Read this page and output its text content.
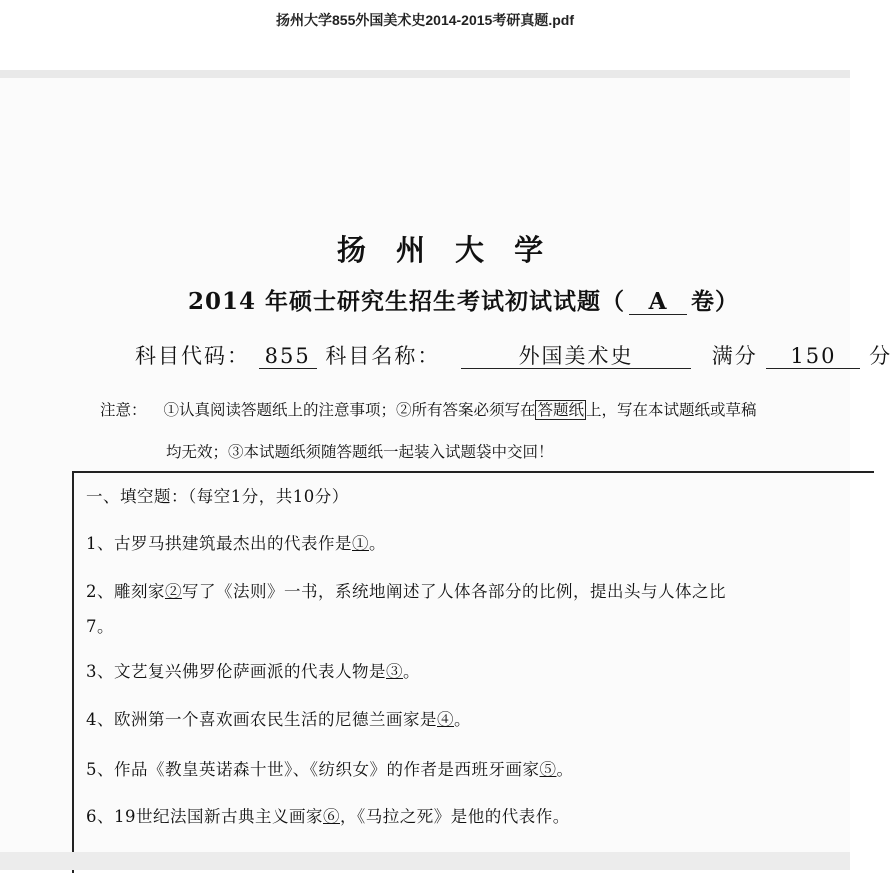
扬州大学855外国美术史2014-2015考研真题.pdf
扬 州 大 学
2014 年硕士研究生招生考试初试试题（ A 卷）
科目代码： 855 科目名称：	外国美术史	满分 150 分
注意： ①认真阅读答题纸上的注意事项；②所有答案必须写在 答题纸 上，写在本试题纸或草稿
均无效；③本试题纸须随答题纸一起装入试题袋中交回！
一、填空题：（每空1分，共10分）
1、古罗马拱建筑最杰出的代表作是①。
2、雕刻家②写了《法则》一书，系统地阐述了人体各部分的比例，提出头与人体之比
7。
3、文艺复兴佛罗伦萨画派的代表人物是③。
4、欧洲第一个喜欢画农民生活的尼德兰画家是④。
5、作品《教皇英诺森十世》、《纺织女》的作者是西班牙画家⑤。
6、19世纪法国新古典主义画家⑥，《马拉之死》是他的代表作。
